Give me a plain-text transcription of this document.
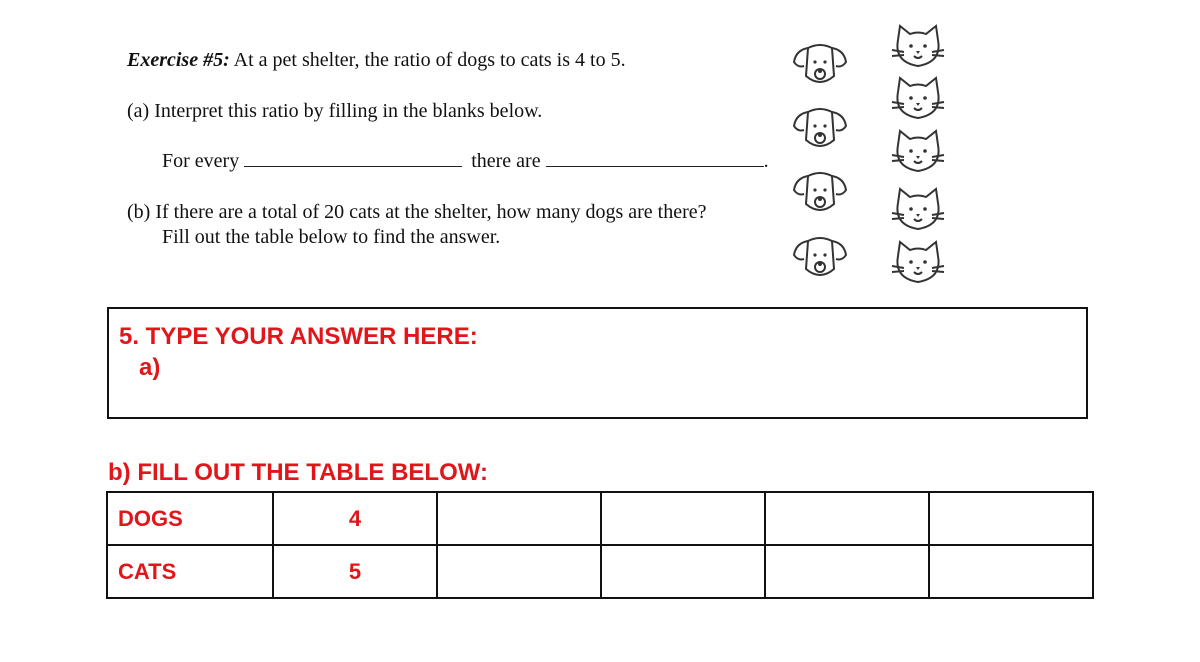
Exercise #5: At a pet shelter, the ratio of dogs to cats is 4 to 5.
(a) Interpret this ratio by filling in the blanks below.
For every	there are	.
(b) If there are a total of 20 cats at the shelter, how many dogs are there?
Fill out the table below to find the answer.
5. TYPE YOUR ANSWER HERE:
a)
b) FILL OUT THE TABLE BELOW:
DOGS	4				
CATS	5				
